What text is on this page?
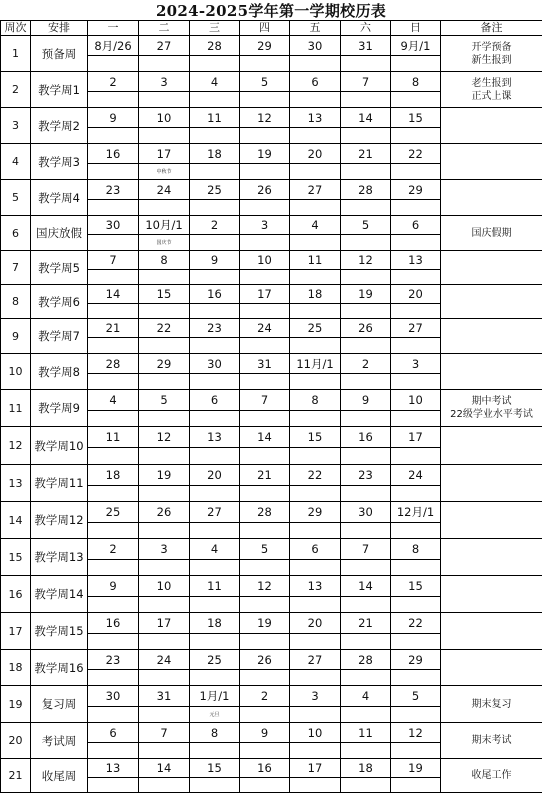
2024-2025学年第一学期校历表
周次	安排	一	二	三	四	五	六	日	备注
1	预备周	8月/26	27	28	29	30	31	9月/1	开学预备
新生报到

2	教学周1	2	3	4	5	6	7	8	老生报到
正式上课

3	教学周2	9	10	11	12	13	14	15	

4	教学周3	16	17	18	19	20	21	22	
			中秋节						
5	教学周4	23	24	25	26	27	28	29	

6	国庆放假	30	10月/1	2	3	4	5	6	国庆假期
			国庆节						
7	教学周5	7	8	9	10	11	12	13	

8	教学周6	14	15	16	17	18	19	20	

9	教学周7	21	22	23	24	25	26	27	

10	教学周8	28	29	30	31	11月/1	2	3	

11	教学周9	4	5	6	7	8	9	10	期中考试
22级学业水平考试

12	教学周10	11	12	13	14	15	16	17	

13	教学周11	18	19	20	21	22	23	24	

14	教学周12	25	26	27	28	29	30	12月/1	

15	教学周13	2	3	4	5	6	7	8	

16	教学周14	9	10	11	12	13	14	15	

17	教学周15	16	17	18	19	20	21	22	

18	教学周16	23	24	25	26	27	28	29	

19	复习周	30	31	1月/1	2	3	4	5	期末复习
				元旦					
20	考试周	6	7	8	9	10	11	12	期末考试

21	收尾周	13	14	15	16	17	18	19	收尾工作
